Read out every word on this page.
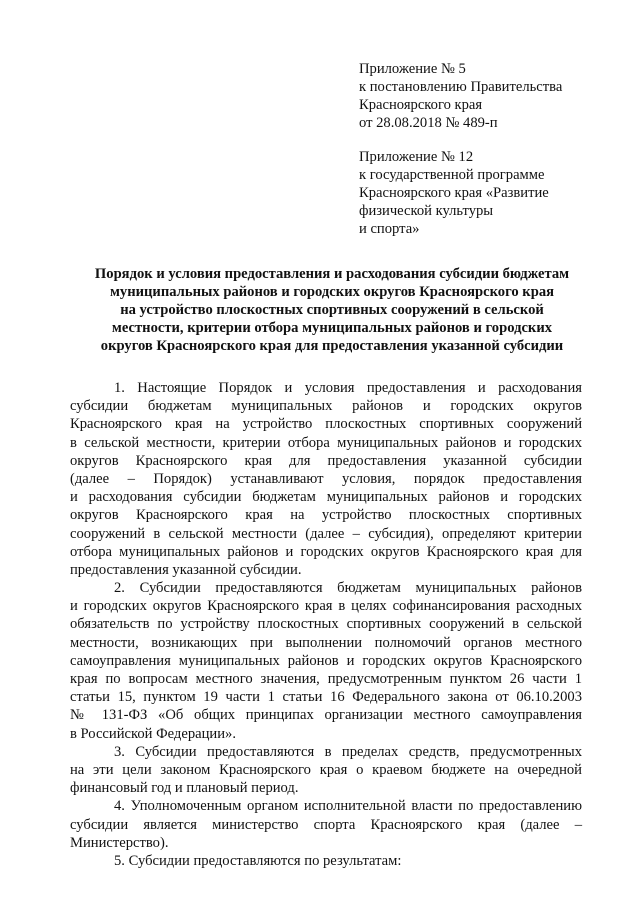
Приложение № 5
к постановлению Правительства
Красноярского края
от 28.08.2018 № 489-п
Приложение № 12
к государственной программе
Красноярского края «Развитие
физической культуры
и спорта»
Порядок и условия предоставления и расходования субсидии бюджетам
муниципальных районов и городских округов Красноярского края
на устройство плоскостных спортивных сооружений в сельской
местности, критерии отбора муниципальных районов и городских
округов Красноярского края для предоставления указанной субсидии
1. Настоящие Порядок и условия предоставления и расходования
субсидии бюджетам муниципальных районов и городских округов
Красноярского края на устройство плоскостных спортивных сооружений
в сельской местности, критерии отбора муниципальных районов и городских
округов Красноярского края для предоставления указанной субсидии
(далее – Порядок) устанавливают условия, порядок предоставления
и расходования субсидии бюджетам муниципальных районов и городских
округов Красноярского края на устройство плоскостных спортивных
сооружений в сельской местности (далее – субсидия), определяют критерии
отбора муниципальных районов и городских округов Красноярского края для
предоставления указанной субсидии.
2. Субсидии предоставляются бюджетам муниципальных районов
и городских округов Красноярского края в целях софинансирования расходных
обязательств по устройству плоскостных спортивных сооружений в сельской
местности, возникающих при выполнении полномочий органов местного
самоуправления муниципальных районов и городских округов Красноярского
края по вопросам местного значения, предусмотренным пунктом 26 части 1
статьи 15, пунктом 19 части 1 статьи 16 Федерального закона от 06.10.2003
№ 131-ФЗ «Об общих принципах организации местного самоуправления
в Российской Федерации».
3. Субсидии предоставляются в пределах средств, предусмотренных
на эти цели законом Красноярского края о краевом бюджете на очередной
финансовый год и плановый период.
4. Уполномоченным органом исполнительной власти по предоставлению
субсидии является министерство спорта Красноярского края (далее –
Министерство).
5. Субсидии предоставляются по результатам:
